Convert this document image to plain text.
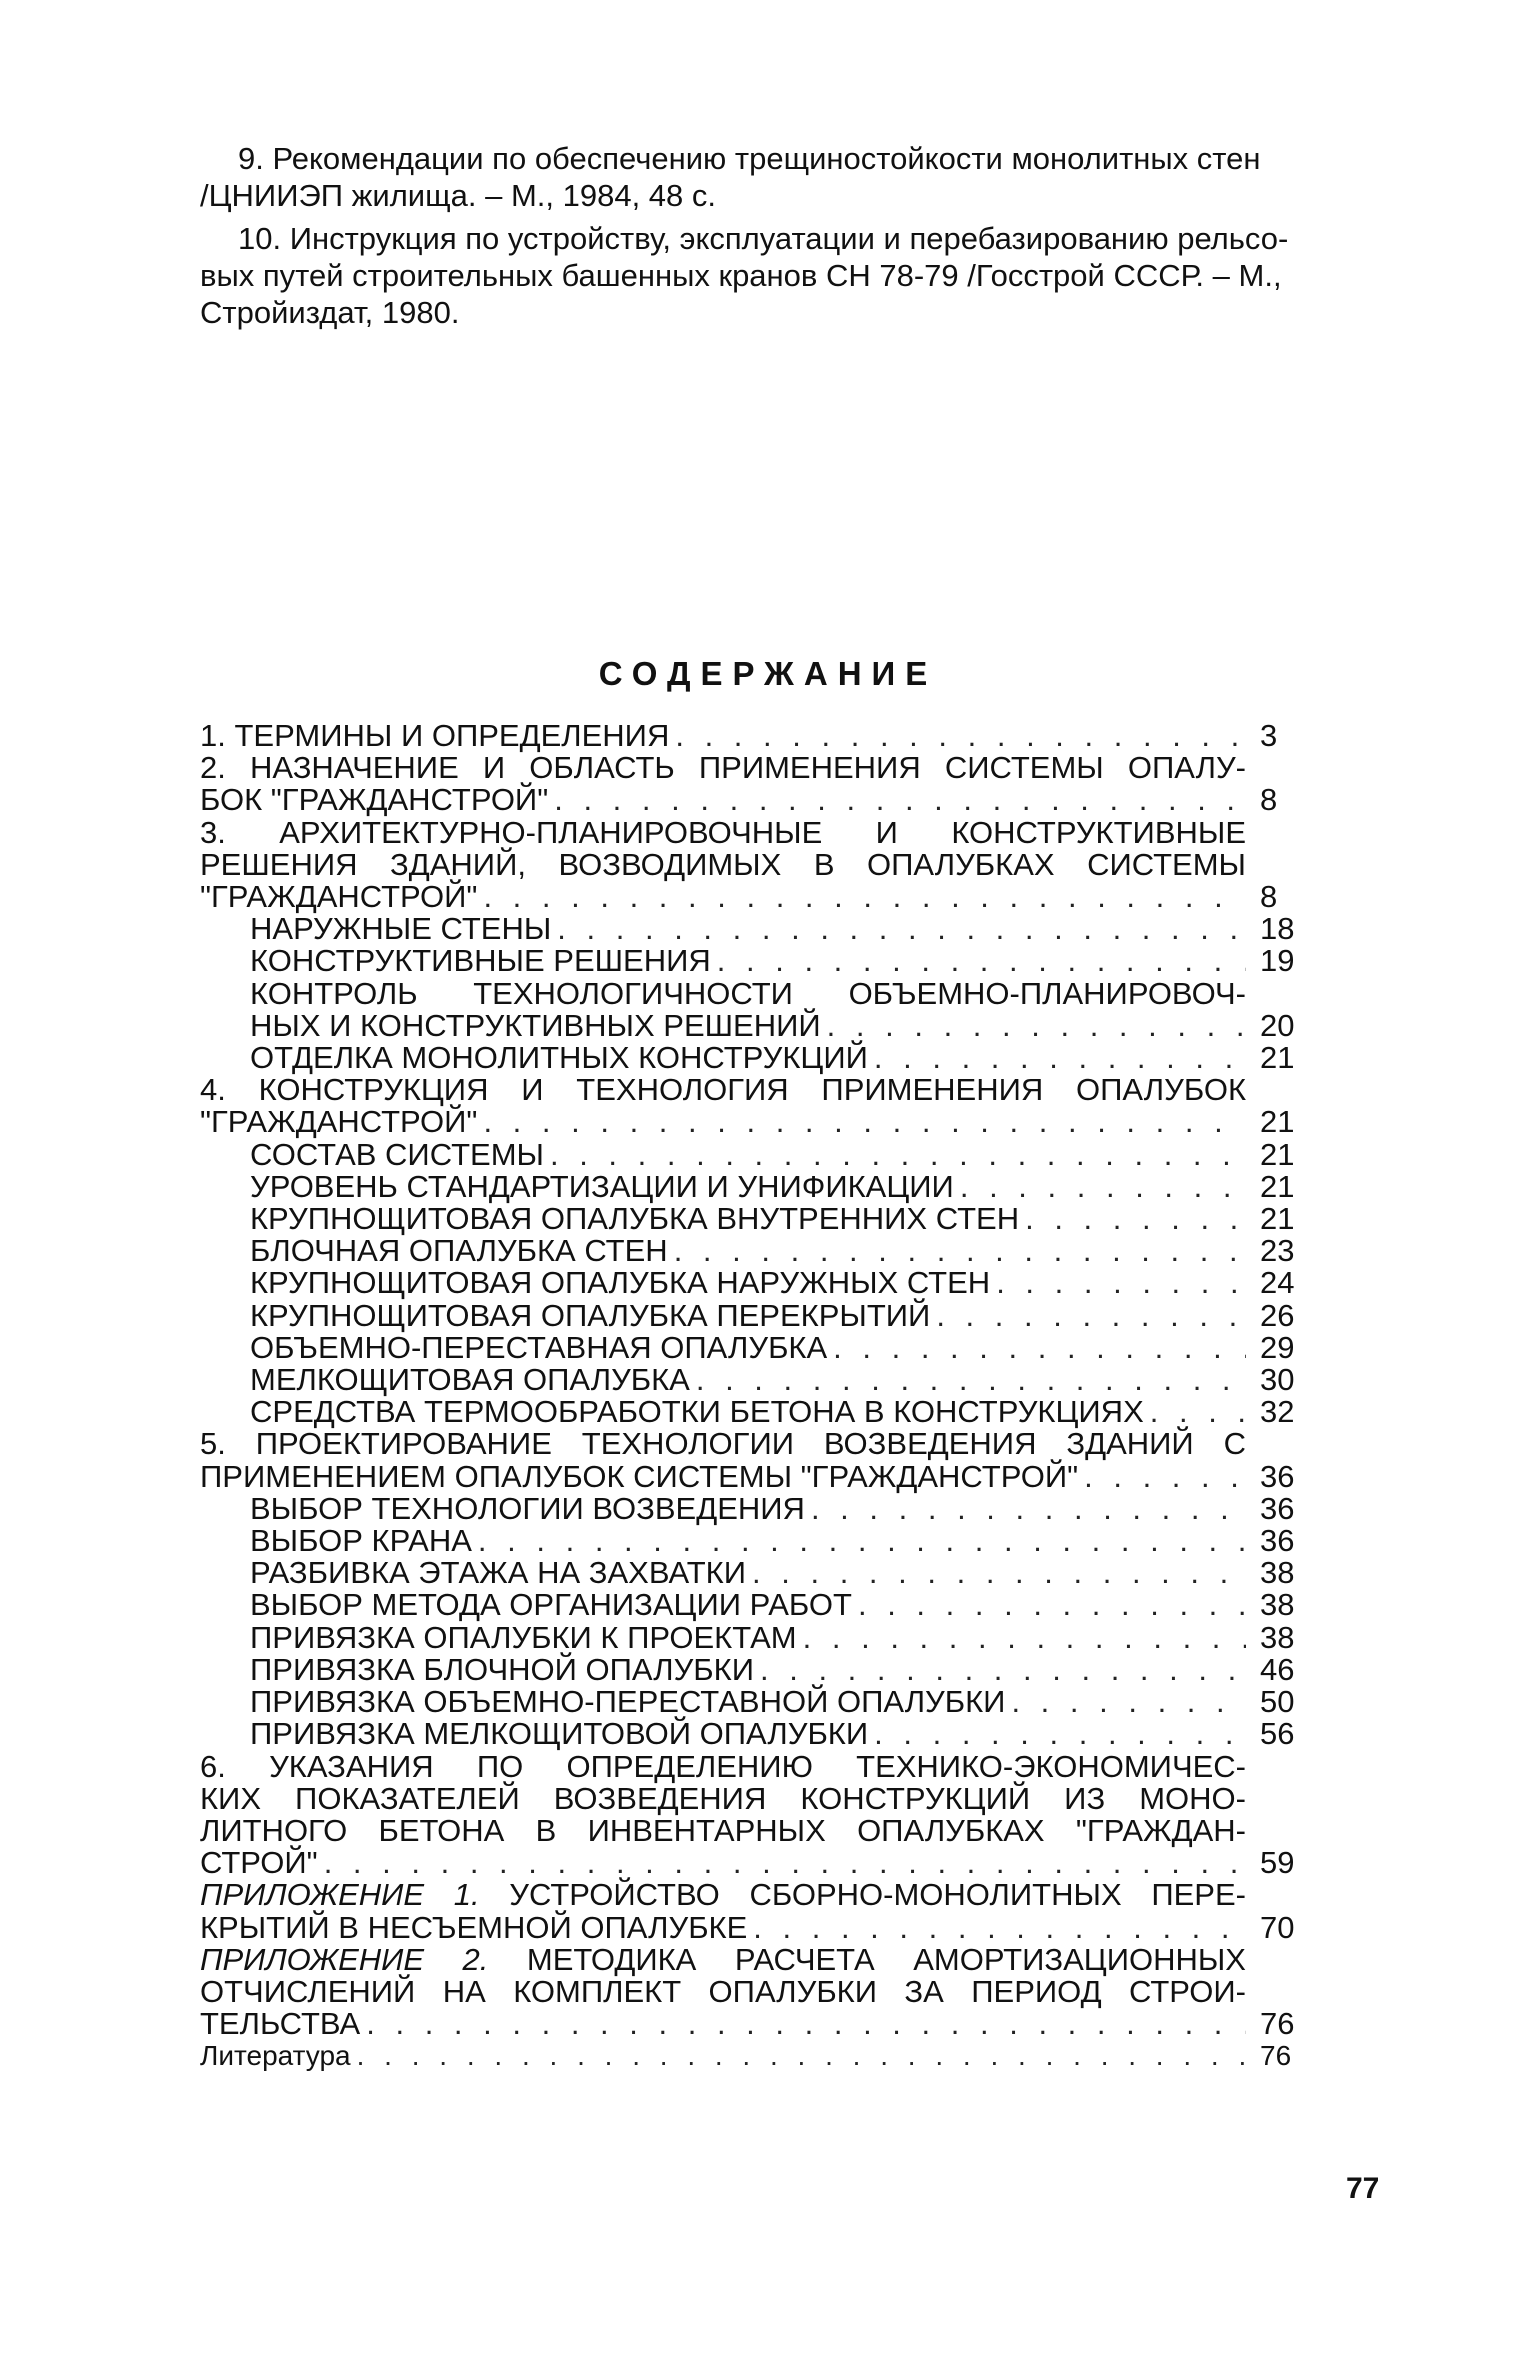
9. Рекомендации по обеспечению трещиностойкости монолитных стен
/ЦНИИЭП жилища. – М., 1984, 48 с.
10. Инструкция по устройству, эксплуатации и перебазированию рельсо-
вых путей строительных башенных кранов СН 78-79 /Госстрой СССР. – М.,
Стройиздат, 1980.
СОДЕРЖАНИЕ
1. ТЕРМИНЫ И ОПРЕДЕЛЕНИЯ . . .	3
2. НАЗНАЧЕНИЕ И ОБЛАСТЬ ПРИМЕНЕНИЯ СИСТЕМЫ ОПАЛУ-
БОК "ГРАЖДАНСТРОЙ" . . .	8
3. АРХИТЕКТУРНО-ПЛАНИРОВОЧНЫЕ И КОНСТРУКТИВНЫЕ
РЕШЕНИЯ ЗДАНИЙ, ВОЗВОДИМЫХ В ОПАЛУБКАХ СИСТЕМЫ
"ГРАЖДАНСТРОЙ" . . .	8
НАРУЖНЫЕ СТЕНЫ . . .	18
КОНСТРУКТИВНЫЕ РЕШЕНИЯ . . .	19
КОНТРОЛЬ ТЕХНОЛОГИЧНОСТИ ОБЪЕМНО-ПЛАНИРОВОЧ-
НЫХ И КОНСТРУКТИВНЫХ РЕШЕНИЙ . . .	20
ОТДЕЛКА МОНОЛИТНЫХ КОНСТРУКЦИЙ . . .	21
4. КОНСТРУКЦИЯ И ТЕХНОЛОГИЯ ПРИМЕНЕНИЯ ОПАЛУБОК
"ГРАЖДАНСТРОЙ" . . .	21
СОСТАВ СИСТЕМЫ . . .	21
УРОВЕНЬ СТАНДАРТИЗАЦИИ И УНИФИКАЦИИ . . .	21
КРУПНОЩИТОВАЯ ОПАЛУБКА ВНУТРЕННИХ СТЕН . . .	21
БЛОЧНАЯ ОПАЛУБКА СТЕН . . .	23
КРУПНОЩИТОВАЯ ОПАЛУБКА НАРУЖНЫХ СТЕН . . .	24
КРУПНОЩИТОВАЯ ОПАЛУБКА ПЕРЕКРЫТИЙ . . .	26
ОБЪЕМНО-ПЕРЕСТАВНАЯ ОПАЛУБКА . . .	29
МЕЛКОЩИТОВАЯ ОПАЛУБКА . . .	30
СРЕДСТВА ТЕРМООБРАБОТКИ БЕТОНА В КОНСТРУКЦИЯХ . . .	32
5. ПРОЕКТИРОВАНИЕ ТЕХНОЛОГИИ ВОЗВЕДЕНИЯ ЗДАНИЙ С
ПРИМЕНЕНИЕМ ОПАЛУБОК СИСТЕМЫ "ГРАЖДАНСТРОЙ" . . .	36
ВЫБОР ТЕХНОЛОГИИ ВОЗВЕДЕНИЯ . . .	36
ВЫБОР КРАНА . . .	36
РАЗБИВКА ЭТАЖА НА ЗАХВАТКИ . . .	38
ВЫБОР МЕТОДА ОРГАНИЗАЦИИ РАБОТ . . .	38
ПРИВЯЗКА ОПАЛУБКИ К ПРОЕКТАМ . . .	38
ПРИВЯЗКА БЛОЧНОЙ ОПАЛУБКИ . . .	46
ПРИВЯЗКА ОБЪЕМНО-ПЕРЕСТАВНОЙ ОПАЛУБКИ . . .	50
ПРИВЯЗКА МЕЛКОЩИТОВОЙ ОПАЛУБКИ . . .	56
6. УКАЗАНИЯ ПО ОПРЕДЕЛЕНИЮ ТЕХНИКО-ЭКОНОМИЧЕС-
КИХ ПОКАЗАТЕЛЕЙ ВОЗВЕДЕНИЯ КОНСТРУКЦИЙ ИЗ МОНО-
ЛИТНОГО БЕТОНА В ИНВЕНТАРНЫХ ОПАЛУБКАХ "ГРАЖДАН-
СТРОЙ" . . .	59
ПРИЛОЖЕНИЕ 1. УСТРОЙСТВО СБОРНО-МОНОЛИТНЫХ ПЕРЕ-
КРЫТИЙ В НЕСЪЕМНОЙ ОПАЛУБКЕ . . .	70
ПРИЛОЖЕНИЕ 2. МЕТОДИКА РАСЧЕТА АМОРТИЗАЦИОННЫХ
ОТЧИСЛЕНИЙ НА КОМПЛЕКТ ОПАЛУБКИ ЗА ПЕРИОД СТРОИ-
ТЕЛЬСТВА . . .	76
Литература . . .	76
77
